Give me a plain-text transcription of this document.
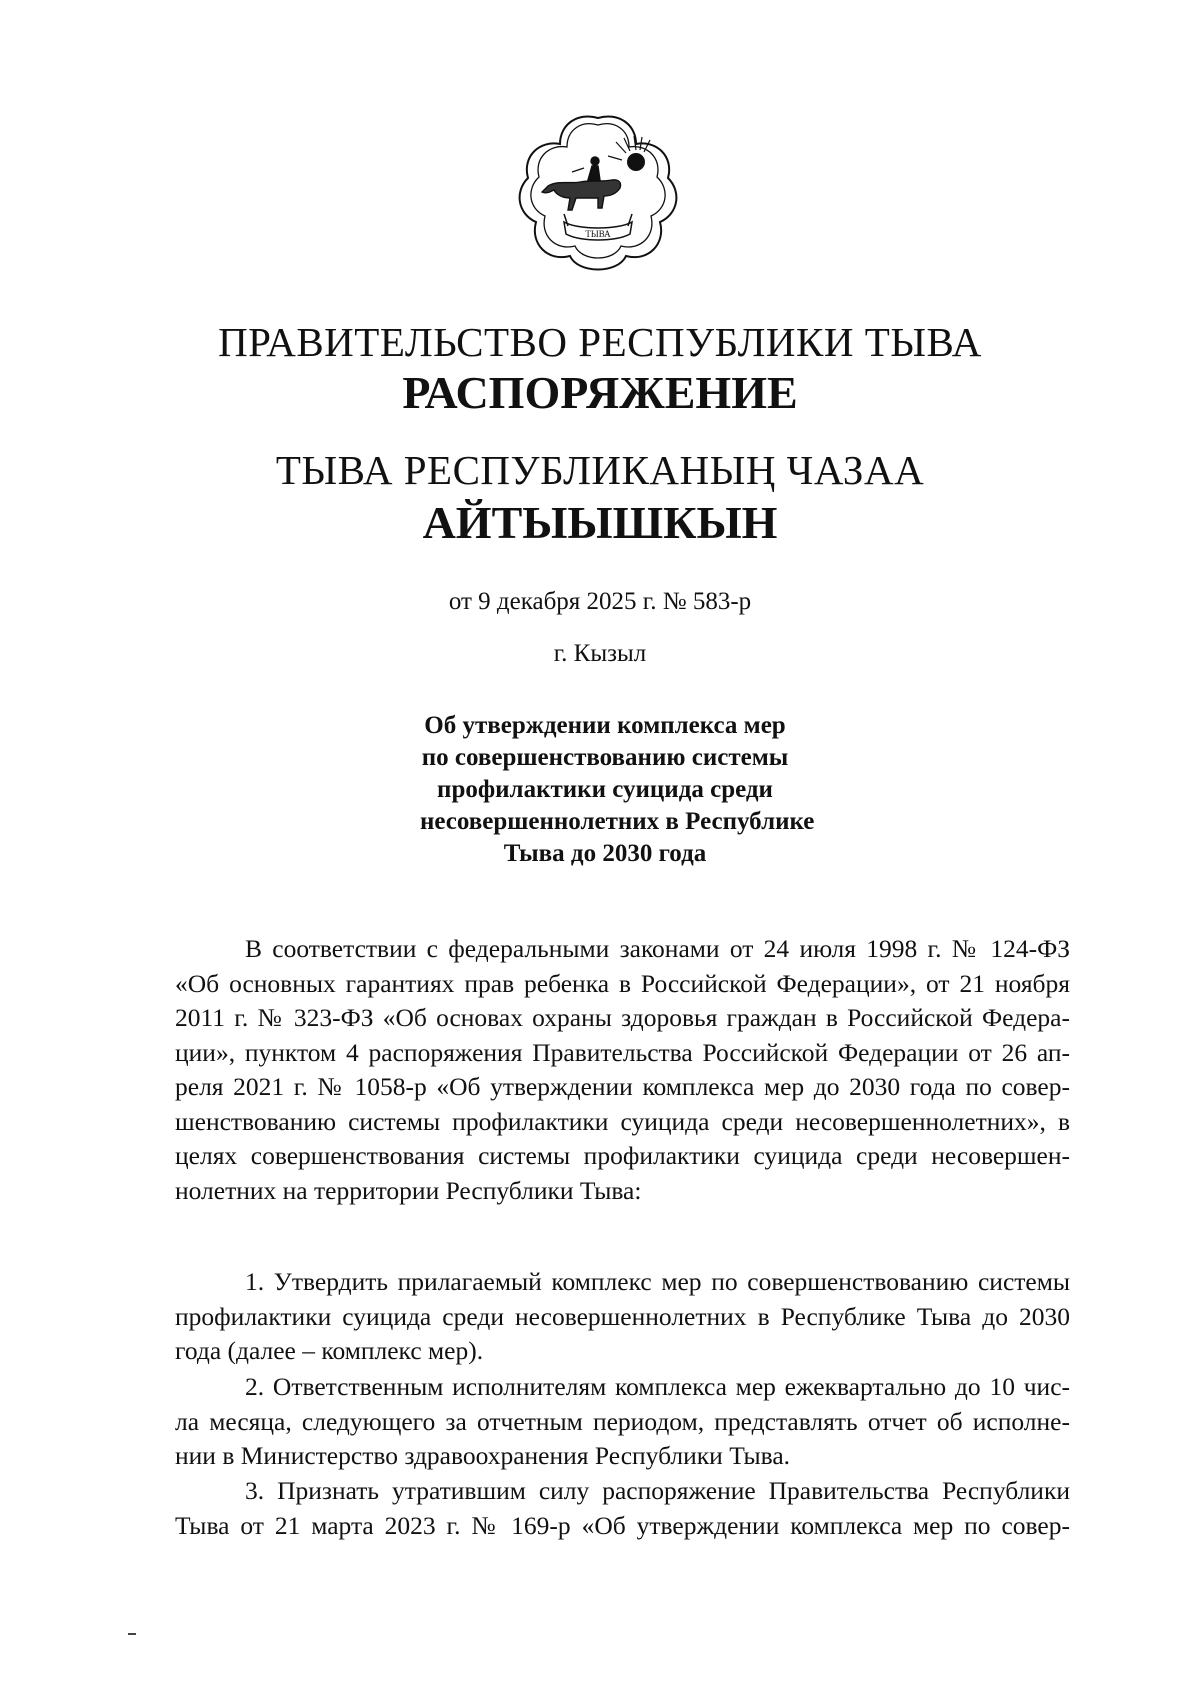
ТЫВА
ПРАВИТЕЛЬСТВО РЕСПУБЛИКИ ТЫВА
РАСПОРЯЖЕНИЕ
ТЫВА РЕСПУБЛИКАНЫҢ ЧАЗАА
АЙТЫЫШКЫН
от 9 декабря 2025 г. № 583-р
г. Кызыл
Об утверждении комплекса мер
по совершенствованию системы
профилактики суицида среди
несовершеннолетних в Республике
Тыва до 2030 года
В соответствии с федеральными законами от 24 июля 1998 г. № 124-ФЗ
«Об основных гарантиях прав ребенка в Российской Федерации», от 21 ноября
2011 г. № 323-ФЗ «Об основах охраны здоровья граждан в Российской Федера-
ции», пунктом 4 распоряжения Правительства Российской Федерации от 26 ап-
реля 2021 г. № 1058-р «Об утверждении комплекса мер до 2030 года по совер-
шенствованию системы профилактики суицида среди несовершеннолетних», в
целях совершенствования системы профилактики суицида среди несовершен-
нолетних на территории Республики Тыва:
1. Утвердить прилагаемый комплекс мер по совершенствованию системы
профилактики суицида среди несовершеннолетних в Республике Тыва до 2030
года (далее – комплекс мер).
2. Ответственным исполнителям комплекса мер ежеквартально до 10 чис-
ла месяца, следующего за отчетным периодом, представлять отчет об исполне-
нии в Министерство здравоохранения Республики Тыва.
3. Признать утратившим силу распоряжение Правительства Республики
Тыва от 21 марта 2023 г. № 169-р «Об утверждении комплекса мер по совер-
